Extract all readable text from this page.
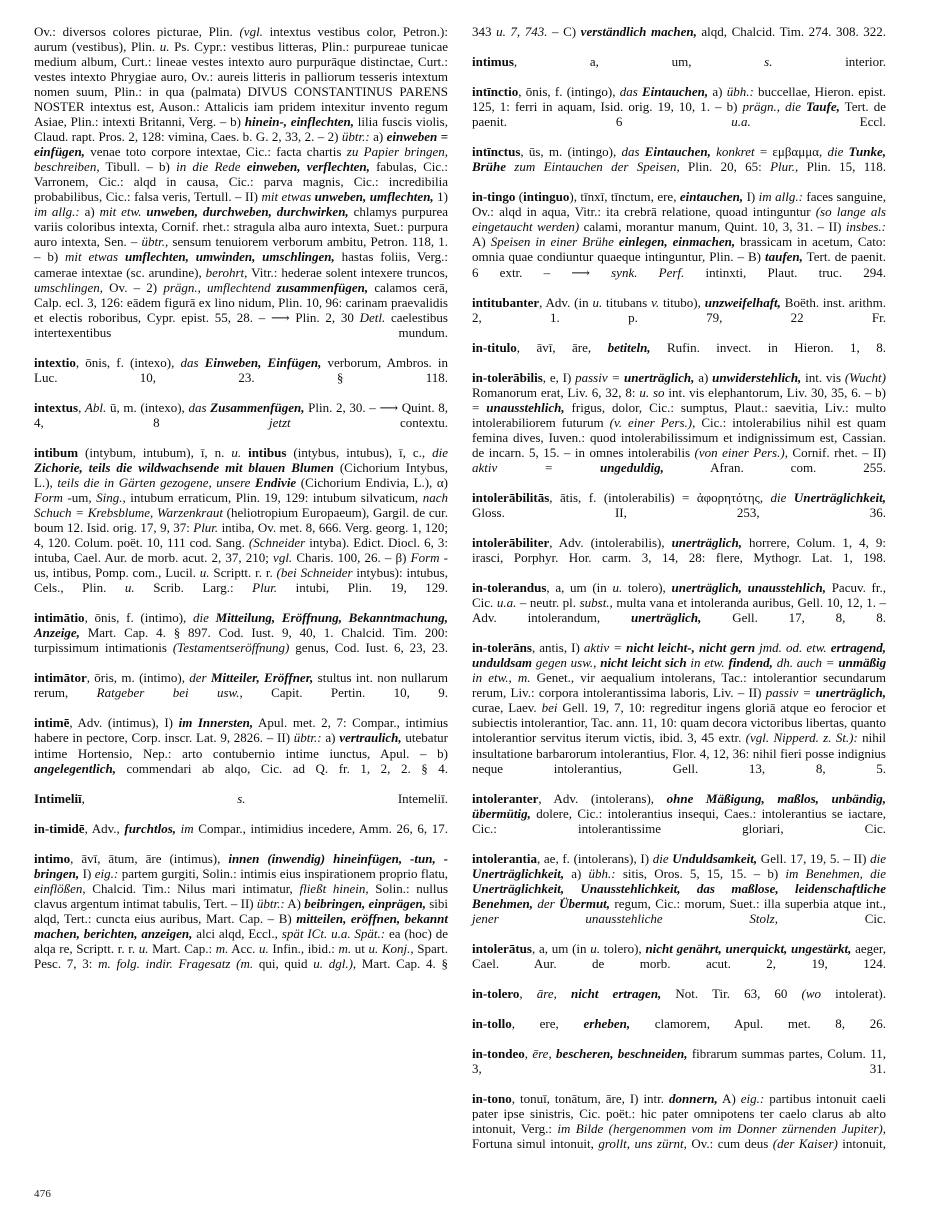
Ov.: diversos colores picturae, Plin. (vgl. intextus vestibus color, Petron.): aurum (vestibus), Plin. u. Ps. Cypr.: vestibus litteras, Plin.: purpureae tunicae medium album, Curt.: lineae vestes intexto auro purpurāque distinctae, Curt.: vestes intexto Phrygiae auro, Ov.: aureis litteris in palliorum tesseris intextum nomen suum, Plin.: in qua (palmata) DIVUS CONSTANTINUS PARENS NOSTER intextus est, Auson.: Attalicis iam pridem intexitur invento regum Asiae, Plin.: intexti Britanni, Verg. – b) hinein-, einflechten, lilia fuscis violis, Claud. rapt. Pros. 2, 128: vimina, Caes. b. G. 2, 33, 2. – 2) übtr.: a) einweben = einfügen, venae toto corpore intextae, Cic.: facta chartis zu Papier bringen, beschreiben, Tibull. – b) in die Rede einweben, verflechten, fabulas, Cic.: Varronem, Cic.: alqd in causa, Cic.: parva magnis, Cic.: incredibilia probabilibus, Cic.: falsa veris, Tertull. – II) mit etwas unweben, umflechten, 1) im allg.: a) mit etw. unweben, durchweben, durchwirken, chlamys purpurea variis coloribus intexta, Cornif. rhet.: stragula alba auro intexta, Suet.: purpura auro intexta, Sen. – übtr., sensum tenuiorem verborum ambitu, Petron. 118, 1. – b) mit etwas umflechten, umwinden, umschlingen, hastas foliis, Verg.: camerae intextae (sc. arundine), berohrt, Vitr.: hederae solent intexere truncos, umschlingen, Ov. – 2) prägn., umflechtend zusammenfügen, calamos cerā, Calp. ecl. 3, 126: eādem figurā ex lino nidum, Plin. 10, 96: carinam praevalidis et electis roboribus, Cypr. epist. 55, 28. – ⟶ Plin. 2, 30 Detl. caelestibus intertexentibus mundum.

intextio, ōnis, f. (intexo), das Einweben, Einfügen, verborum, Ambros. in Luc. 10, 23. § 118.

intextus, Abl. ū, m. (intexo), das Zusammenfügen, Plin. 2, 30. – ⟶ Quint. 8, 4, 8 jetzt contextu.

intibum (intybum, intubum), ī, n. u. intibus (intybus, intubus), ī, c., die Zichorie, teils die wildwachsende mit blauen Blumen (Cichorium Intybus, L.), teils die in Gärten gezogene, unsere Endivie (Cichorium Endivia, L.), α) Form -um, Sing., intubum erraticum, Plin. 19, 129: intubum silvaticum, nach Schuch = Krebsblume, Warzenkraut (heliotropium Europaeum), Gargil. de cur. boum 12. Isid. orig. 17, 9, 37: Plur. intiba, Ov. met. 8, 666. Verg. georg. 1, 120; 4, 120. Colum. poët. 10, 111 cod. Sang. (Schneider intyba). Edict. Diocl. 6, 3: intuba, Cael. Aur. de morb. acut. 2, 37, 210; vgl. Charis. 100, 26. – β) Form -us, intibus, Pomp. com., Lucil. u. Scriptt. r. r. (bei Schneider intybus): intubus, Cels., Plin. u. Scrib. Larg.: Plur. intubi, Plin. 19, 129.

intimātio, ōnis, f. (intimo), die Mitteilung, Eröffnung, Bekanntmachung, Anzeige, Mart. Cap. 4. § 897. Cod. Iust. 9, 40, 1. Chalcid. Tim. 200: turpissimum intimationis (Testamentseröffnung) genus, Cod. Iust. 6, 23, 23.

intimātor, ōris, m. (intimo), der Mitteiler, Eröffner, stultus int. non nullarum rerum, Ratgeber bei usw., Capit. Pertin. 10, 9.

intimē, Adv. (intimus), I) im Innersten, Apul. met. 2, 7: Compar., intimius habere in pectore, Corp. inscr. Lat. 9, 2826. – II) übtr.: a) vertraulich, utebatur intime Hortensio, Nep.: arto contubernio intime iunctus, Apul. – b) angelegentlich, commendari ab alqo, Cic. ad Q. fr. 1, 2, 2. § 4.

Intimeliī, s. Intemeliī.

in-timidē, Adv., furchtlos, im Compar., intimidius incedere, Amm. 26, 6, 17.

intimo, āvī, ātum, āre (intimus), innen (inwendig) hineinfügen, -tun, -bringen, I) eig.: partem gurgiti, Solin.: intimis eius inspirationem proprio flatu, einflößen, Chalcid. Tim.: Nilus mari intimatur, fließt hinein, Solin.: nullus clavus argentum intimat tabulis, Tert. – II) übtr.: A) beibringen, einprägen, sibi alqd, Tert.: cuncta eius auribus, Mart. Cap. – B) mitteilen, eröffnen, bekannt machen, berichten, anzeigen, alci alqd, Eccl., spät ICt. u.a. Spät.: ea (hoc) de alqa re, Scriptt. r. r. u. Mart. Cap.: m. Acc. u. Infin., ibid.: m. ut u. Konj., Spart. Pesc. 7, 3: m. folg. indir. Fragesatz (m. qui, quid u. dgl.), Mart. Cap. 4. §

343 u. 7, 743. – C) verständlich machen, alqd, Chalcid. Tim. 274. 308. 322.

intimus, a, um, s. interior.

intīnctio, ōnis, f. (intingo), das Eintauchen, a) übh.: buccellae, Hieron. epist. 125, 1: ferri in aquam, Isid. orig. 19, 10, 1. – b) prägn., die Taufe, Tert. de paenit. 6 u.a. Eccl.

intīnctus, ūs, m. (intingo), das Eintauchen, konkret = εμβαμμα, die Tunke, Brühe zum Eintauchen der Speisen, Plin. 20, 65: Plur., Plin. 15, 118.

in-tingo (intinguo), tīnxī, tīnctum, ere, eintauchen, I) im allg.: faces sanguine, Ov.: alqd in aqua, Vitr.: ita crebrā relatione, quoad intinguntur (so lange als eingetaucht werden) calami, morantur manum, Quint. 10, 3, 31. – II) insbes.: A) Speisen in einer Brühe einlegen, einmachen, brassicam in acetum, Cato: omnia quae condiuntur quaeque intinguntur, Plin. – B) taufen, Tert. de paenit. 6 extr. – ⟶ synk. Perf. intinxti, Plaut. truc. 294.

intitubanter, Adv. (in u. titubans v. titubo), unzweifelhaft, Boëth. inst. arithm. 2, 1. p. 79, 22 Fr.

in-titulo, āvī, āre, betiteln, Rufin. invect. in Hieron. 1, 8.

in-tolerābilis, e, I) passiv = unerträglich, a) unwiderstehlich, int. vis (Wucht) Romanorum erat, Liv. 6, 32, 8: u. so int. vis elephantorum, Liv. 30, 35, 6. – b) = unausstehlich, frigus, dolor, Cic.: sumptus, Plaut.: saevitia, Liv.: multo intolerabiliorem futurum (v. einer Pers.), Cic.: intolerabilius nihil est quam femina dives, Iuven.: quod intolerabilissimum et indignissimum est, Cassian. de incarn. 5, 15. – in omnes intolerabilis (von einer Pers.), Cornif. rhet. – II) aktiv =	ungeduldig, Afran. com. 255.

intolerābilitās, ātis, f. (intolerabilis) = ἀφορητότης, die Unerträglichkeit, Gloss. II, 253, 36.

intolerābiliter, Adv. (intolerabilis), unerträglich, horrere, Colum. 1, 4, 9: irasci, Porphyr. Hor. carm. 3, 14, 28: flere, Mythogr. Lat. 1, 198.

in-tolerandus, a, um (in u. tolero), unerträglich, unausstehlich, Pacuv. fr., Cic. u.a. – neutr. pl. subst., multa vana et intoleranda auribus, Gell. 10, 12, 1. – Adv. intolerandum, unerträglich, Gell. 17, 8, 8.

in-tolerāns, antis, I) aktiv = nicht leicht-, nicht gern jmd. od. etw. ertragend, unduldsam gegen usw., nicht leicht sich in etw. findend, dh. auch = unmäßig in etw., m. Genet., vir aequalium intolerans, Tac.: intolerantior secundarum rerum, Liv.: corpora intolerantissima laboris, Liv. – II) passiv = unerträglich, curae, Laev. bei Gell. 19, 7, 10: regreditur ingens gloriā atque eo ferocior et subiectis intolerantior, Tac. ann. 11, 10: quam decora victoribus libertas, quanto intolerantior servitus iterum victis, ibid. 3, 45 extr. (vgl. Nipperd. z. St.): nihil insultatione barbarorum intolerantius, Flor. 4, 12, 36: nihil fieri posse indignius neque intolerantius, Gell. 13, 8, 5.

intoleranter, Adv. (intolerans), ohne Mäßigung, maßlos, unbändig, übermütig, dolere, Cic.: intolerantius insequi, Caes.: intolerantius se iactare, Cic.: intolerantissime gloriari, Cic.

intolerantia, ae, f. (intolerans), I) die Unduldsamkeit, Gell. 17, 19, 5. – II) die Unerträglichkeit, a) übh.: sitis, Oros. 5, 15, 15. – b) im Benehmen, die Unerträglichkeit, Unausstehlichkeit, das maßlose, leidenschaftliche Benehmen, der Übermut, regum, Cic.: morum, Suet.: illa superbia atque int., jener unausstehliche Stolz, Cic.

intolerātus, a, um (in u. tolero), nicht genährt, unerquickt, ungestärkt, aeger, Cael. Aur. de morb. acut. 2, 19, 124.

in-tolero, āre, nicht ertragen, Not. Tir. 63, 60 (wo intolerat).

in-tollo, ere, erheben, clamorem, Apul. met. 8, 26.

in-tondeo, ēre, bescheren, beschneiden, fibrarum summas partes, Colum. 11, 3, 31.

in-tono, tonuī, tonātum, āre, I) intr. donnern, A) eig.: partibus intonuit caeli pater ipse sinistris, Cic. poët.: hic pater omnipotens ter caelo clarus ab alto intonuit, Verg.: im Bilde (hergenommen vom im Donner zürnenden Jupiter), Fortuna simul intonuit, grollt, uns zürnt, Ov.: cum deus (der Kaiser) intonuit,

476
